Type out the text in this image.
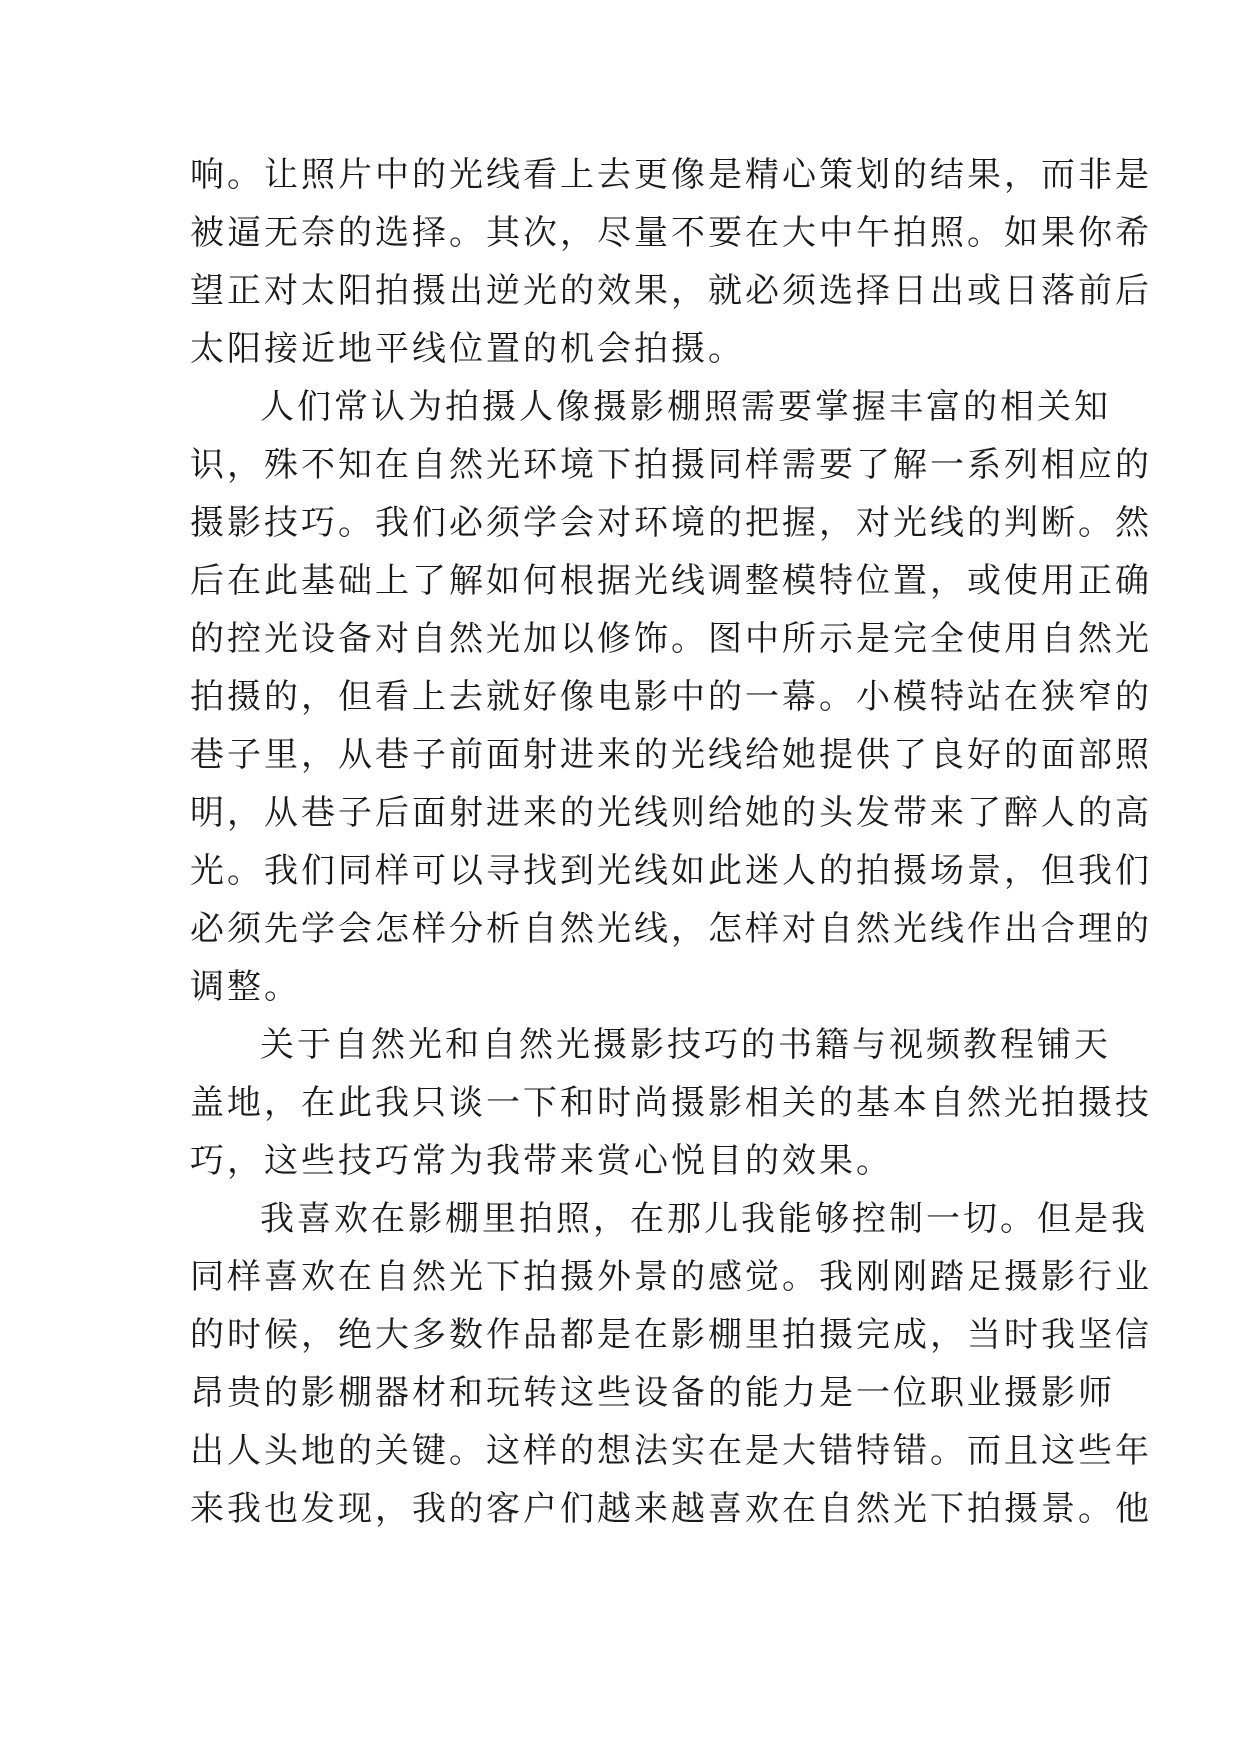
响。让照片中的光线看上去更像是精心策划的结果，而非是
被逼无奈的选择。其次，尽量不要在大中午拍照。如果你希
望正对太阳拍摄出逆光的效果，就必须选择日出或日落前后
太阳接近地平线位置的机会拍摄。
人们常认为拍摄人像摄影棚照需要掌握丰富的相关知
识，殊不知在自然光环境下拍摄同样需要了解一系列相应的
摄影技巧。我们必须学会对环境的把握，对光线的判断。然
后在此基础上了解如何根据光线调整模特位置，或使用正确
的控光设备对自然光加以修饰。图中所示是完全使用自然光
拍摄的，但看上去就好像电影中的一幕。小模特站在狭窄的
巷子里，从巷子前面射进来的光线给她提供了良好的面部照
明，从巷子后面射进来的光线则给她的头发带来了醉人的高
光。我们同样可以寻找到光线如此迷人的拍摄场景，但我们
必须先学会怎样分析自然光线，怎样对自然光线作出合理的
调整。
关于自然光和自然光摄影技巧的书籍与视频教程铺天
盖地，在此我只谈一下和时尚摄影相关的基本自然光拍摄技
巧，这些技巧常为我带来赏心悦目的效果。
我喜欢在影棚里拍照，在那儿我能够控制一切。但是我
同样喜欢在自然光下拍摄外景的感觉。我刚刚踏足摄影行业
的时候，绝大多数作品都是在影棚里拍摄完成，当时我坚信
昂贵的影棚器材和玩转这些设备的能力是一位职业摄影师
出人头地的关键。这样的想法实在是大错特错。而且这些年
来我也发现，我的客户们越来越喜欢在自然光下拍摄景。他
